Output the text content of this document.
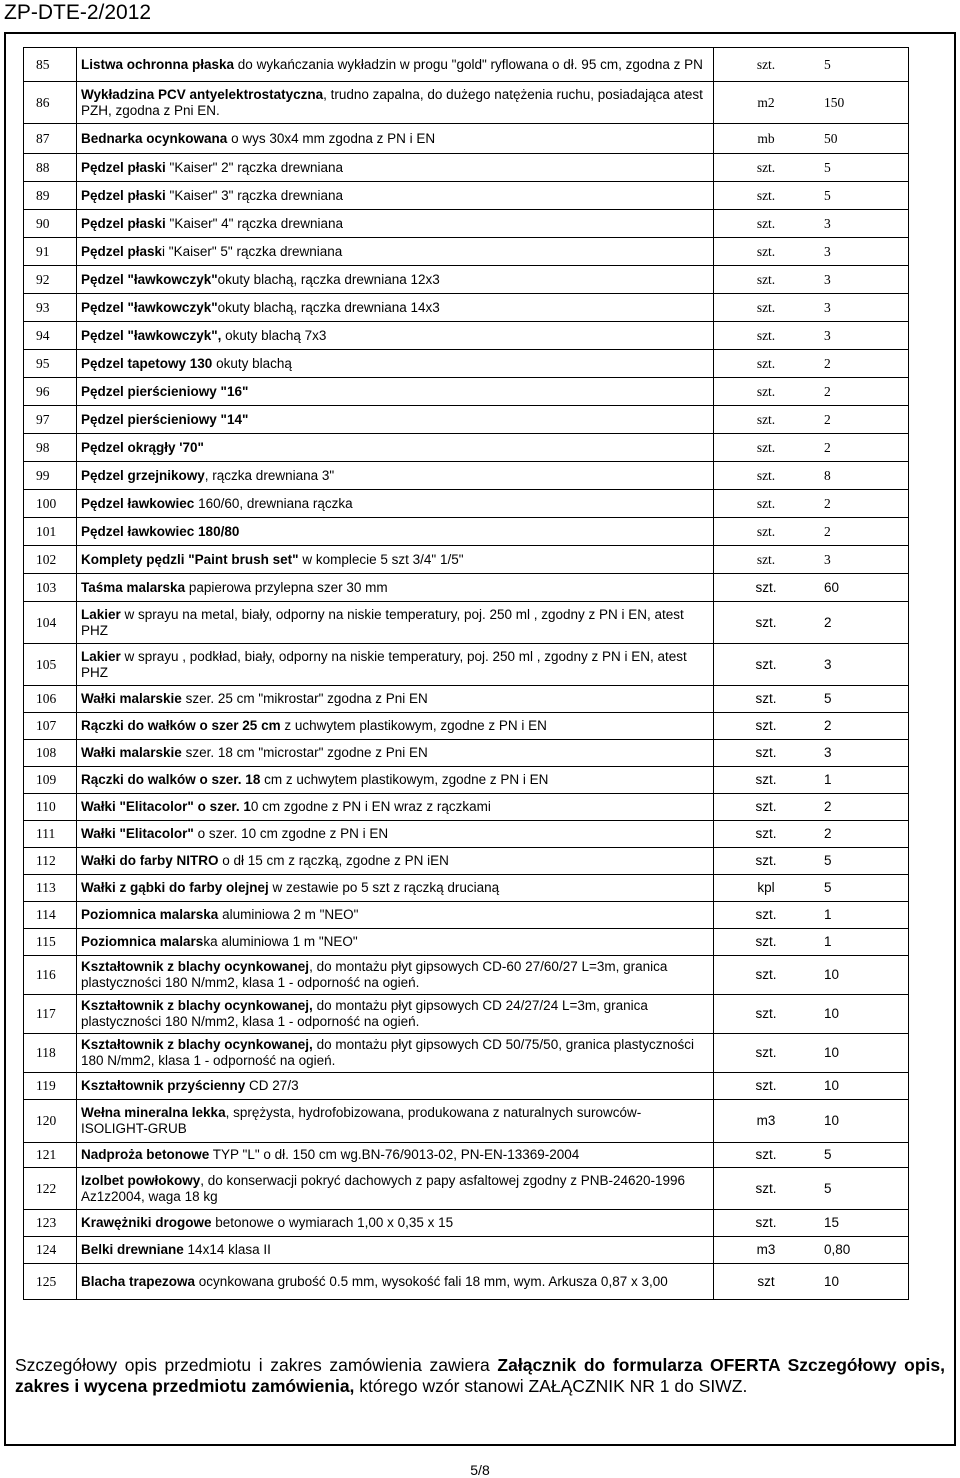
ZP-DTE-2/2012
85	Listwa ochronna płaska do wykańczania wykładzin w progu "gold" ryflowana o dł. 95 cm, zgodna z PN	szt.	5
86	Wykładzina PCV antyelektrostatyczna, trudno zapalna, do dużego natężenia ruchu, posiadająca atest PZH, zgodna z Pni EN.	m2	150
87	Bednarka ocynkowana o wys 30x4 mm zgodna z PN i EN	mb	50
88	Pędzel płaski "Kaiser" 2" rączka drewniana	szt.	5
89	Pędzel płaski "Kaiser" 3" rączka drewniana	szt.	5
90	Pędzel płaski "Kaiser" 4" rączka drewniana	szt.	3
91	Pędzel płaski "Kaiser" 5" rączka drewniana	szt.	3
92	Pędzel "ławkowczyk"okuty blachą, rączka drewniana 12x3	szt.	3
93	Pędzel "ławkowczyk"okuty blachą, rączka drewniana 14x3	szt.	3
94	Pędzel "ławkowczyk", okuty blachą 7x3	szt.	3
95	Pędzel tapetowy 130 okuty blachą	szt.	2
96	Pędzel pierścieniowy "16"	szt.	2
97	Pędzel pierścieniowy "14"	szt.	2
98	Pędzel okrągły '70"	szt.	2
99	Pędzel grzejnikowy, rączka drewniana 3"	szt.	8
100	Pędzel ławkowiec 160/60, drewniana rączka	szt.	2
101	Pędzel ławkowiec 180/80	szt.	2
102	Komplety pędzli "Paint brush set" w komplecie 5 szt 3/4" 1/5"	szt.	3
103	Taśma malarska papierowa przylepna szer 30 mm	szt.	60
104	Lakier w sprayu na metal, biały, odporny na niskie temperatury, poj. 250 ml , zgodny z PN i EN, atest PHZ	szt.	2
105	Lakier w sprayu , podkład, biały, odporny na niskie temperatury, poj. 250 ml , zgodny z PN i EN, atest PHZ	szt.	3
106	Wałki malarskie szer. 25 cm "mikrostar" zgodna z Pni EN	szt.	5
107	Rączki do wałków o szer 25 cm z uchwytem plastikowym, zgodne z PN i EN	szt.	2
108	Wałki malarskie szer. 18 cm "microstar" zgodne z Pni EN	szt.	3
109	Rączki do walków o szer. 18 cm z uchwytem plastikowym, zgodne z PN i EN	szt.	1
110	Wałki "Elitacolor" o szer. 10 cm zgodne z PN i EN wraz z rączkami	szt.	2
111	Wałki "Elitacolor" o szer. 10 cm zgodne z PN i EN	szt.	2
112	Wałki do farby NITRO o dł 15 cm z rączką, zgodne z PN iEN	szt.	5
113	Wałki z gąbki do farby olejnej w zestawie po 5 szt z rączką drucianą	kpl	5
114	Poziomnica malarska aluminiowa 2 m "NEO"	szt.	1
115	Poziomnica malarska aluminiowa 1 m "NEO"	szt.	1
116	Kształtownik z blachy ocynkowanej, do montażu płyt gipsowych CD-60 27/60/27 L=3m, granica plastyczności 180 N/mm2, klasa 1 - odporność na ogień.	szt.	10
117	Kształtownik z blachy ocynkowanej, do montażu płyt gipsowych CD 24/27/24 L=3m, granica plastyczności 180 N/mm2, klasa 1 - odporność na ogień.	szt.	10
118	Kształtownik z blachy ocynkowanej, do montażu płyt gipsowych CD 50/75/50, granica plastyczności 180 N/mm2, klasa 1 - odporność na ogień.	szt.	10
119	Kształtownik przyścienny CD 27/3	szt.	10
120	Wełna mineralna lekka, sprężysta, hydrofobizowana, produkowana z naturalnych surowców- ISOLIGHT-GRUB	m3	10
121	Nadproża betonowe TYP "L" o dł. 150 cm wg.BN-76/9013-02, PN-EN-13369-2004	szt.	5
122	Izolbet powłokowy, do konserwacji pokryć dachowych z papy asfaltowej zgodny z PNB-24620-1996 Az1z2004, waga 18 kg	szt.	5
123	Krawężniki drogowe betonowe o wymiarach 1,00 x 0,35 x 15	szt.	15
124	Belki drewniane 14x14 klasa II	m3	0,80
125	Blacha trapezowa ocynkowana grubość 0.5 mm, wysokość fali 18 mm, wym. Arkusza 0,87 x 3,00	szt	10
Szczegółowy opis przedmiotu i zakres zamówienia zawiera Załącznik do formularza OFERTA Szczegółowy opis, zakres i wycena przedmiotu zamówienia, którego wzór stanowi ZAŁĄCZNIK NR 1 do SIWZ.
5/8
